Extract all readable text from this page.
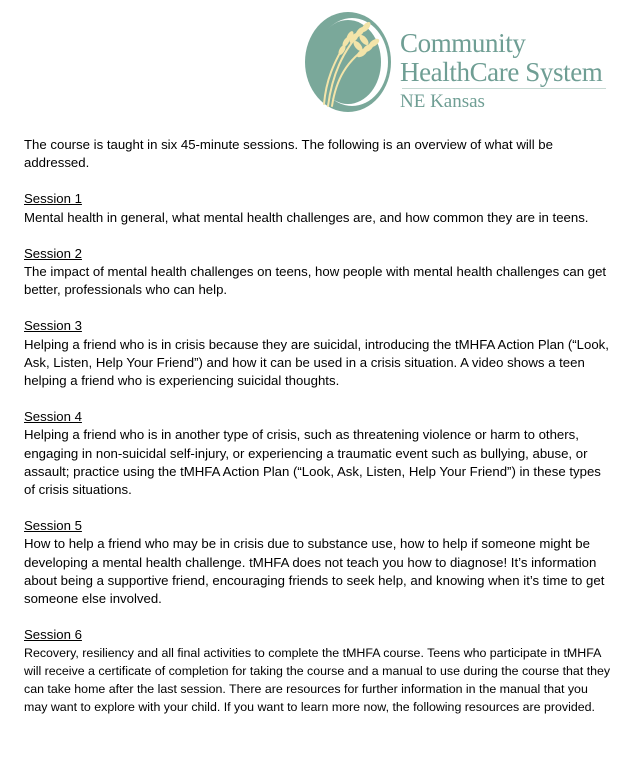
Community
HealthCare System
NE Kansas

The course is taught in six 45-minute sessions. The following is an overview of what will be addressed.

Session 1

Mental health in general, what mental health challenges are, and how common they are in teens.

Session 2

The impact of mental health challenges on teens, how people with mental health challenges can get better, professionals who can help.

Session 3

Helping a friend who is in crisis because they are suicidal, introducing the tMHFA Action Plan (“Look, Ask, Listen, Help Your Friend”) and how it can be used in a crisis situation. A video shows a teen helping a friend who is experiencing suicidal thoughts.

Session 4

Helping a friend who is in another type of crisis, such as threatening violence or harm to others, engaging in non-suicidal self-injury, or experiencing a traumatic event such as bullying, abuse, or assault; practice using the tMHFA Action Plan (“Look, Ask, Listen, Help Your Friend”) in these types of crisis situations.

Session 5

How to help a friend who may be in crisis due to substance use, how to help if someone might be developing a mental health challenge. tMHFA does not teach you how to diagnose! It’s information about being a supportive friend, encouraging friends to seek help, and knowing when it’s time to get someone else involved.

Session 6

Recovery, resiliency and all final activities to complete the tMHFA course. Teens who participate in tMHFA will receive a certificate of completion for taking the course and a manual to use during the course that they can take home after the last session. There are resources for further information in the manual that you may want to explore with your child. If you want to learn more now, the following resources are provided.
